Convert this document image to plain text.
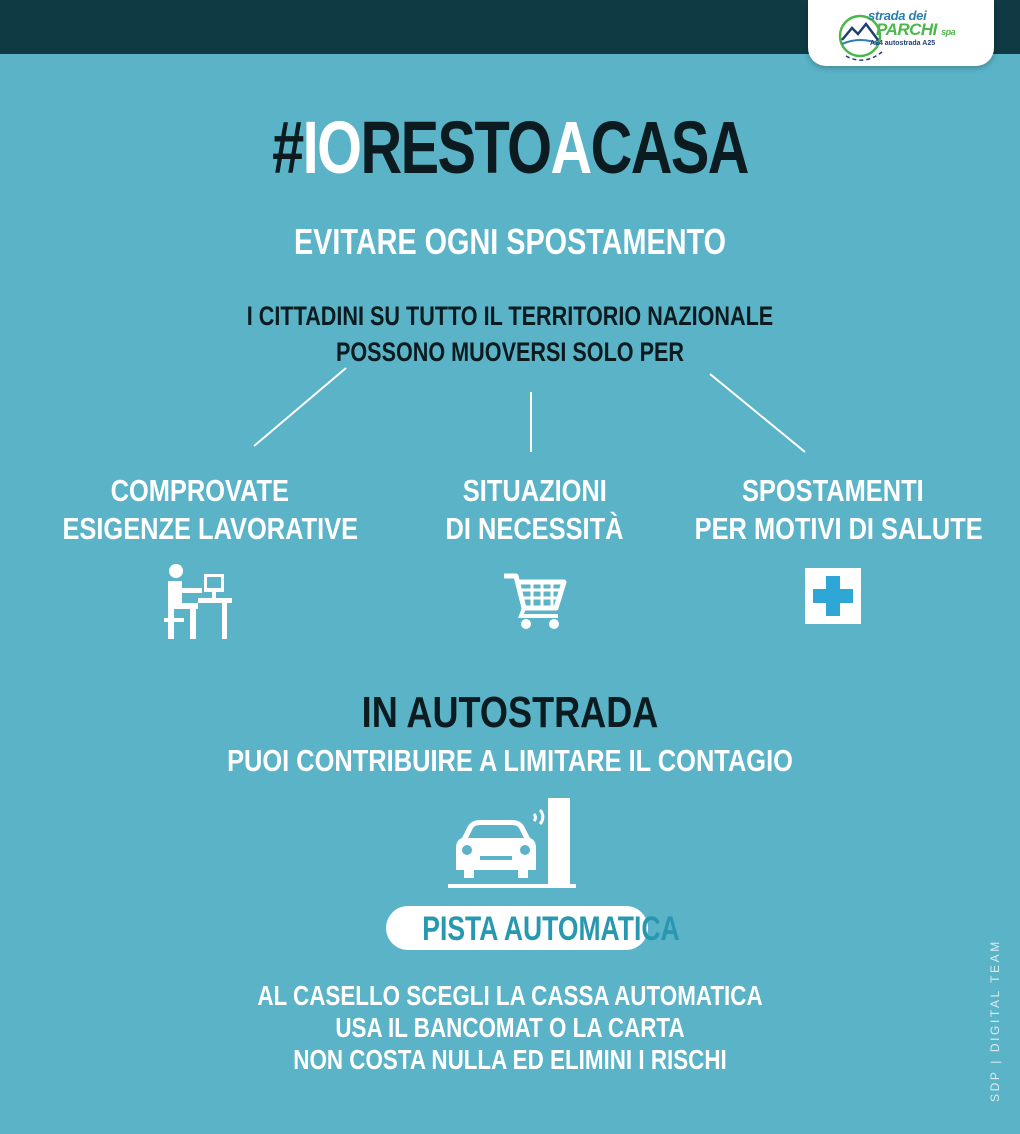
strada dei
PARCHI spa
A24 autostrada A25
#IORESTOACASA
EVITARE OGNI SPOSTAMENTO
I CITTADINI SU TUTTO IL TERRITORIO NAZIONALE
POSSONO MUOVERSI SOLO PER
COMPROVATE
ESIGENZE LAVORATIVE
SITUAZIONI
DI NECESSITÀ
SPOSTAMENTI
PER MOTIVI DI SALUTE
IN AUTOSTRADA
PUOI CONTRIBUIRE A LIMITARE IL CONTAGIO
PISTA AUTOMATICA
AL CASELLO SCEGLI LA CASSA AUTOMATICA
USA IL BANCOMAT O LA CARTA
NON COSTA NULLA ED ELIMINI I RISCHI	SDP | DIGITAL TEAM
